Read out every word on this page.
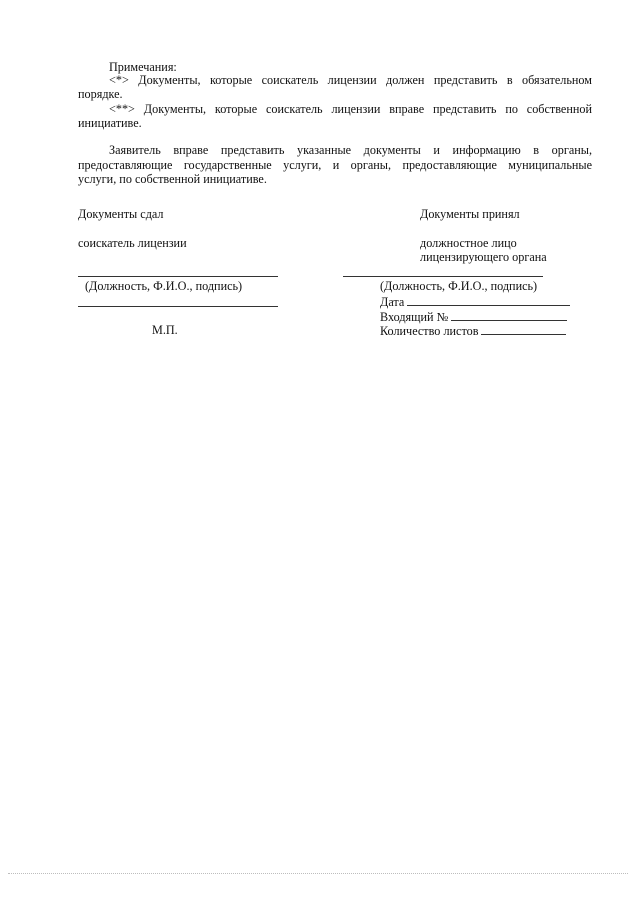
Примечания:
<*> Документы, которые соискатель лицензии должен представить в обязательном
порядке.
<**> Документы, которые соискатель лицензии вправе представить по собственной
инициативе.
Заявитель вправе представить указанные документы и информацию в органы,
предоставляющие государственные услуги, и органы, предоставляющие муниципальные
услуги, по собственной инициативе.
Документы сдал
соискатель лицензии
(Должность, Ф.И.О., подпись)
М.П.
Документы принял
должностное лицо
лицензирующего органа
(Должность, Ф.И.О., подпись)
Дата
Входящий №
Количество листов
